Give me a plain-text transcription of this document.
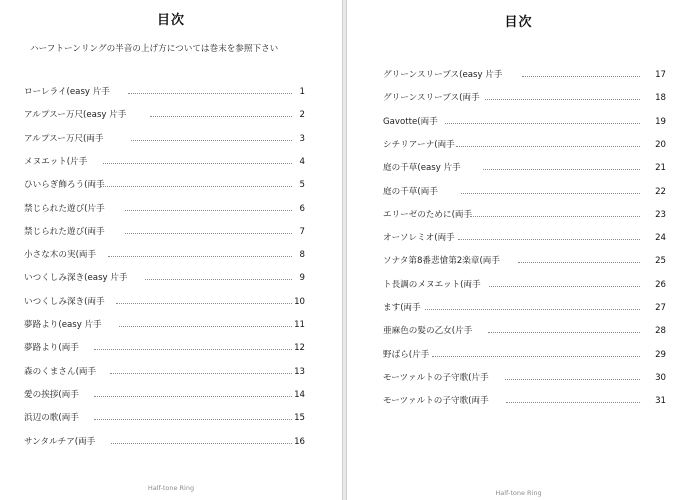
目次
ハーフトーンリングの半音の上げ方については巻末を参照下さい
ローレライ(easy 片手	1
アルプスー万尺(easy 片手	2
アルプスー万尺(両手	3
メヌエット(片手	4
ひいらぎ飾ろう(両手	5
禁じられた遊び(片手	6
禁じられた遊び(両手	7
小さな木の実(両手	8
いつくしみ深き(easy 片手	9
いつくしみ深き(両手	10
夢路より(easy 片手	11
夢路より(両手	12
森のくまさん(両手	13
愛の挨拶(両手	14
浜辺の歌(両手	15
サンタルチア(両手	16
Half-tone Ring
目次
グリーンスリーブス(easy 片手	17
グリーンスリーブス(両手	18
Gavotte(両手	19
シチリアーナ(両手	20
庭の千草(easy 片手	21
庭の千草(両手	22
エリーゼのために(両手	23
オーソレミオ(両手	24
ソナタ第8番悲愴第2楽章(両手	25
ト長調のメヌエット(両手	26
ます(両手	27
亜麻色の髪の乙女(片手	28
野ばら(片手	29
モーツァルトの子守歌(片手	30
モーツァルトの子守歌(両手	31
Half-tone Ring
